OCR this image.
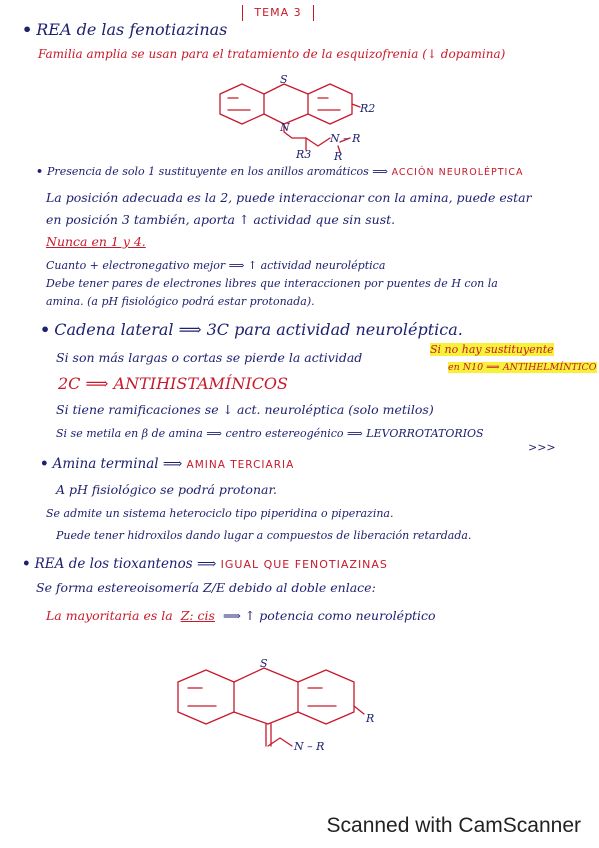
TEMA 3
• REA de las fenotiazinas
Familia amplia se usan para el tratamiento de la esquizofrenia (↓ dopamina)
S
N
R2
R3
N – R
R
• Presencia de solo 1 sustituyente en los anillos aromáticos ⟹ ACCIÓN NEUROLÉPTICA
La posición adecuada es la 2, puede interaccionar con la amina, puede estar
en posición 3 también, aporta ↑ actividad que sin sust.
Nunca en 1 y 4.
Cuanto + electronegativo mejor ⟹ ↑ actividad neuroléptica
Debe tener pares de electrones libres que interaccionen por puentes de H con la
amina. (a pH fisiológico podrá estar protonada).
• Cadena lateral ⟹ 3C para actividad neuroléptica.
Si son más largas o cortas se pierde la actividad
Si no hay sustituyente
en N10 ⟹ ANTIHELMÍNTICO
2C ⟹ ANTIHISTAMÍNICOS
Si tiene ramificaciones se ↓ act. neuroléptica (solo metilos)
Si se metila en β de amina ⟹ centro estereogénico ⟹ LEVORROTATORIOS
>>>
• Amina terminal ⟹ AMINA TERCIARIA
A pH fisiológico se podrá protonar.
Se admite un sistema heterociclo tipo piperidina o piperazina.
Puede tener hidroxilos dando lugar a compuestos de liberación retardada.
• REA de los tioxantenos ⟹ IGUAL QUE FENOTIAZINAS
Se forma estereoisomería Z/E debido al doble enlace:
La mayoritaria es la Z: cis ⟹ ↑ potencia como neuroléptico
S
R
N – R
Scanned with CamScanner
